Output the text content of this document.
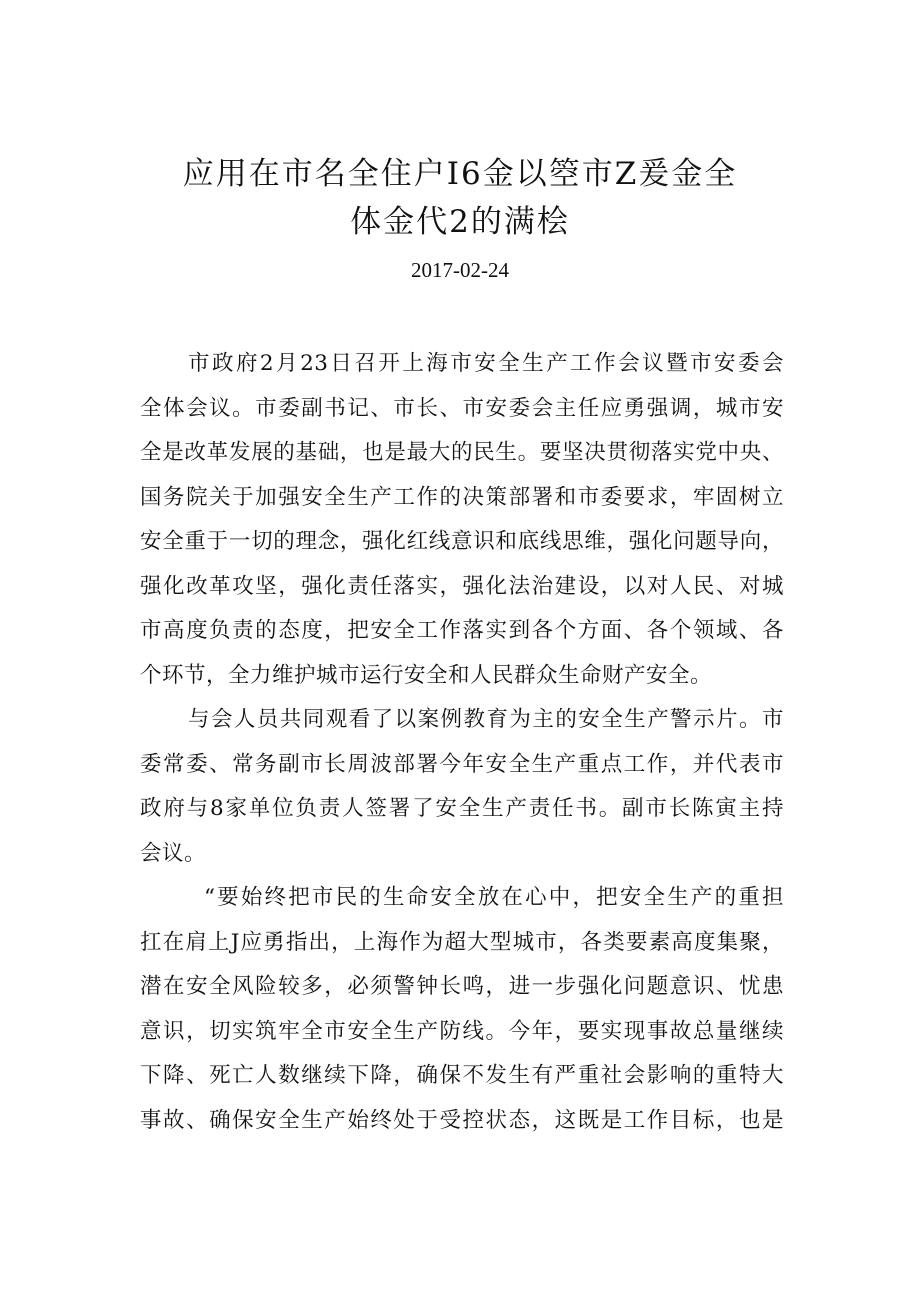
应用在市名全住户I6金以箜市Z爰金全
体金代2的满桧
2017-02-24
市政府2月23日召开上海市安全生产工作会议暨市安委会
全体会议。市委副书记、市长、市安委会主任应勇强调，城市安
全是改革发展的基础，也是最大的民生。要坚决贯彻落实党中央、
国务院关于加强安全生产工作的决策部署和市委要求，牢固树立
安全重于一切的理念，强化红线意识和底线思维，强化问题导向，
强化改革攻坚，强化责任落实，强化法治建设，以对人民、对城
市高度负责的态度，把安全工作落实到各个方面、各个领域、各
个环节，全力维护城市运行安全和人民群众生命财产安全。
与会人员共同观看了以案例教育为主的安全生产警示片。市
委常委、常务副市长周波部署今年安全生产重点工作，并代表市
政府与8家单位负责人签署了安全生产责任书。副市长陈寅主持
会议。
“要始终把市民的生命安全放在心中，把安全生产的重担
扛在肩上J应勇指出，上海作为超大型城市，各类要素高度集聚，
潜在安全风险较多，必须警钟长鸣，进一步强化问题意识、忧患
意识，切实筑牢全市安全生产防线。今年，要实现事故总量继续
下降、死亡人数继续下降，确保不发生有严重社会影响的重特大
事故、确保安全生产始终处于受控状态，这既是工作目标，也是
